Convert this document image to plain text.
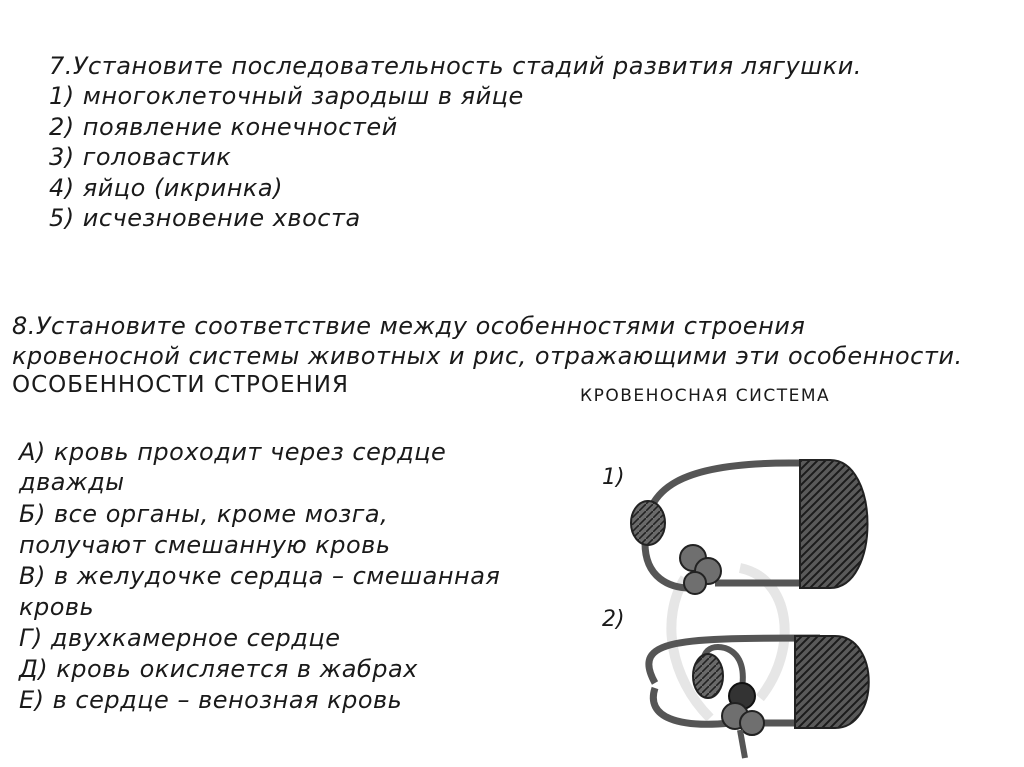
7.Установите последовательность стадий развития лягушки.
1) многоклеточный зародыш в яйце
2) появление конечностей
3) головастик
4) яйцо (икринка)
5) исчезновение хвоста
8.Установите соответствие между особенностями строения
кровеносной системы животных и рис, отражающими эти особенности.
ОСОБЕННОСТИ СТРОЕНИЯ	КРОВЕНОСНАЯ СИСТЕМА
А) кровь проходит через сердце
дважды
Б) все органы, кроме мозга,
получают смешанную кровь
В) в желудочке сердца – смешанная
кровь
Г) двухкамерное сердце
Д) кровь окисляется в жабрах
Е) в сердце – венозная кровь
1)
2)
